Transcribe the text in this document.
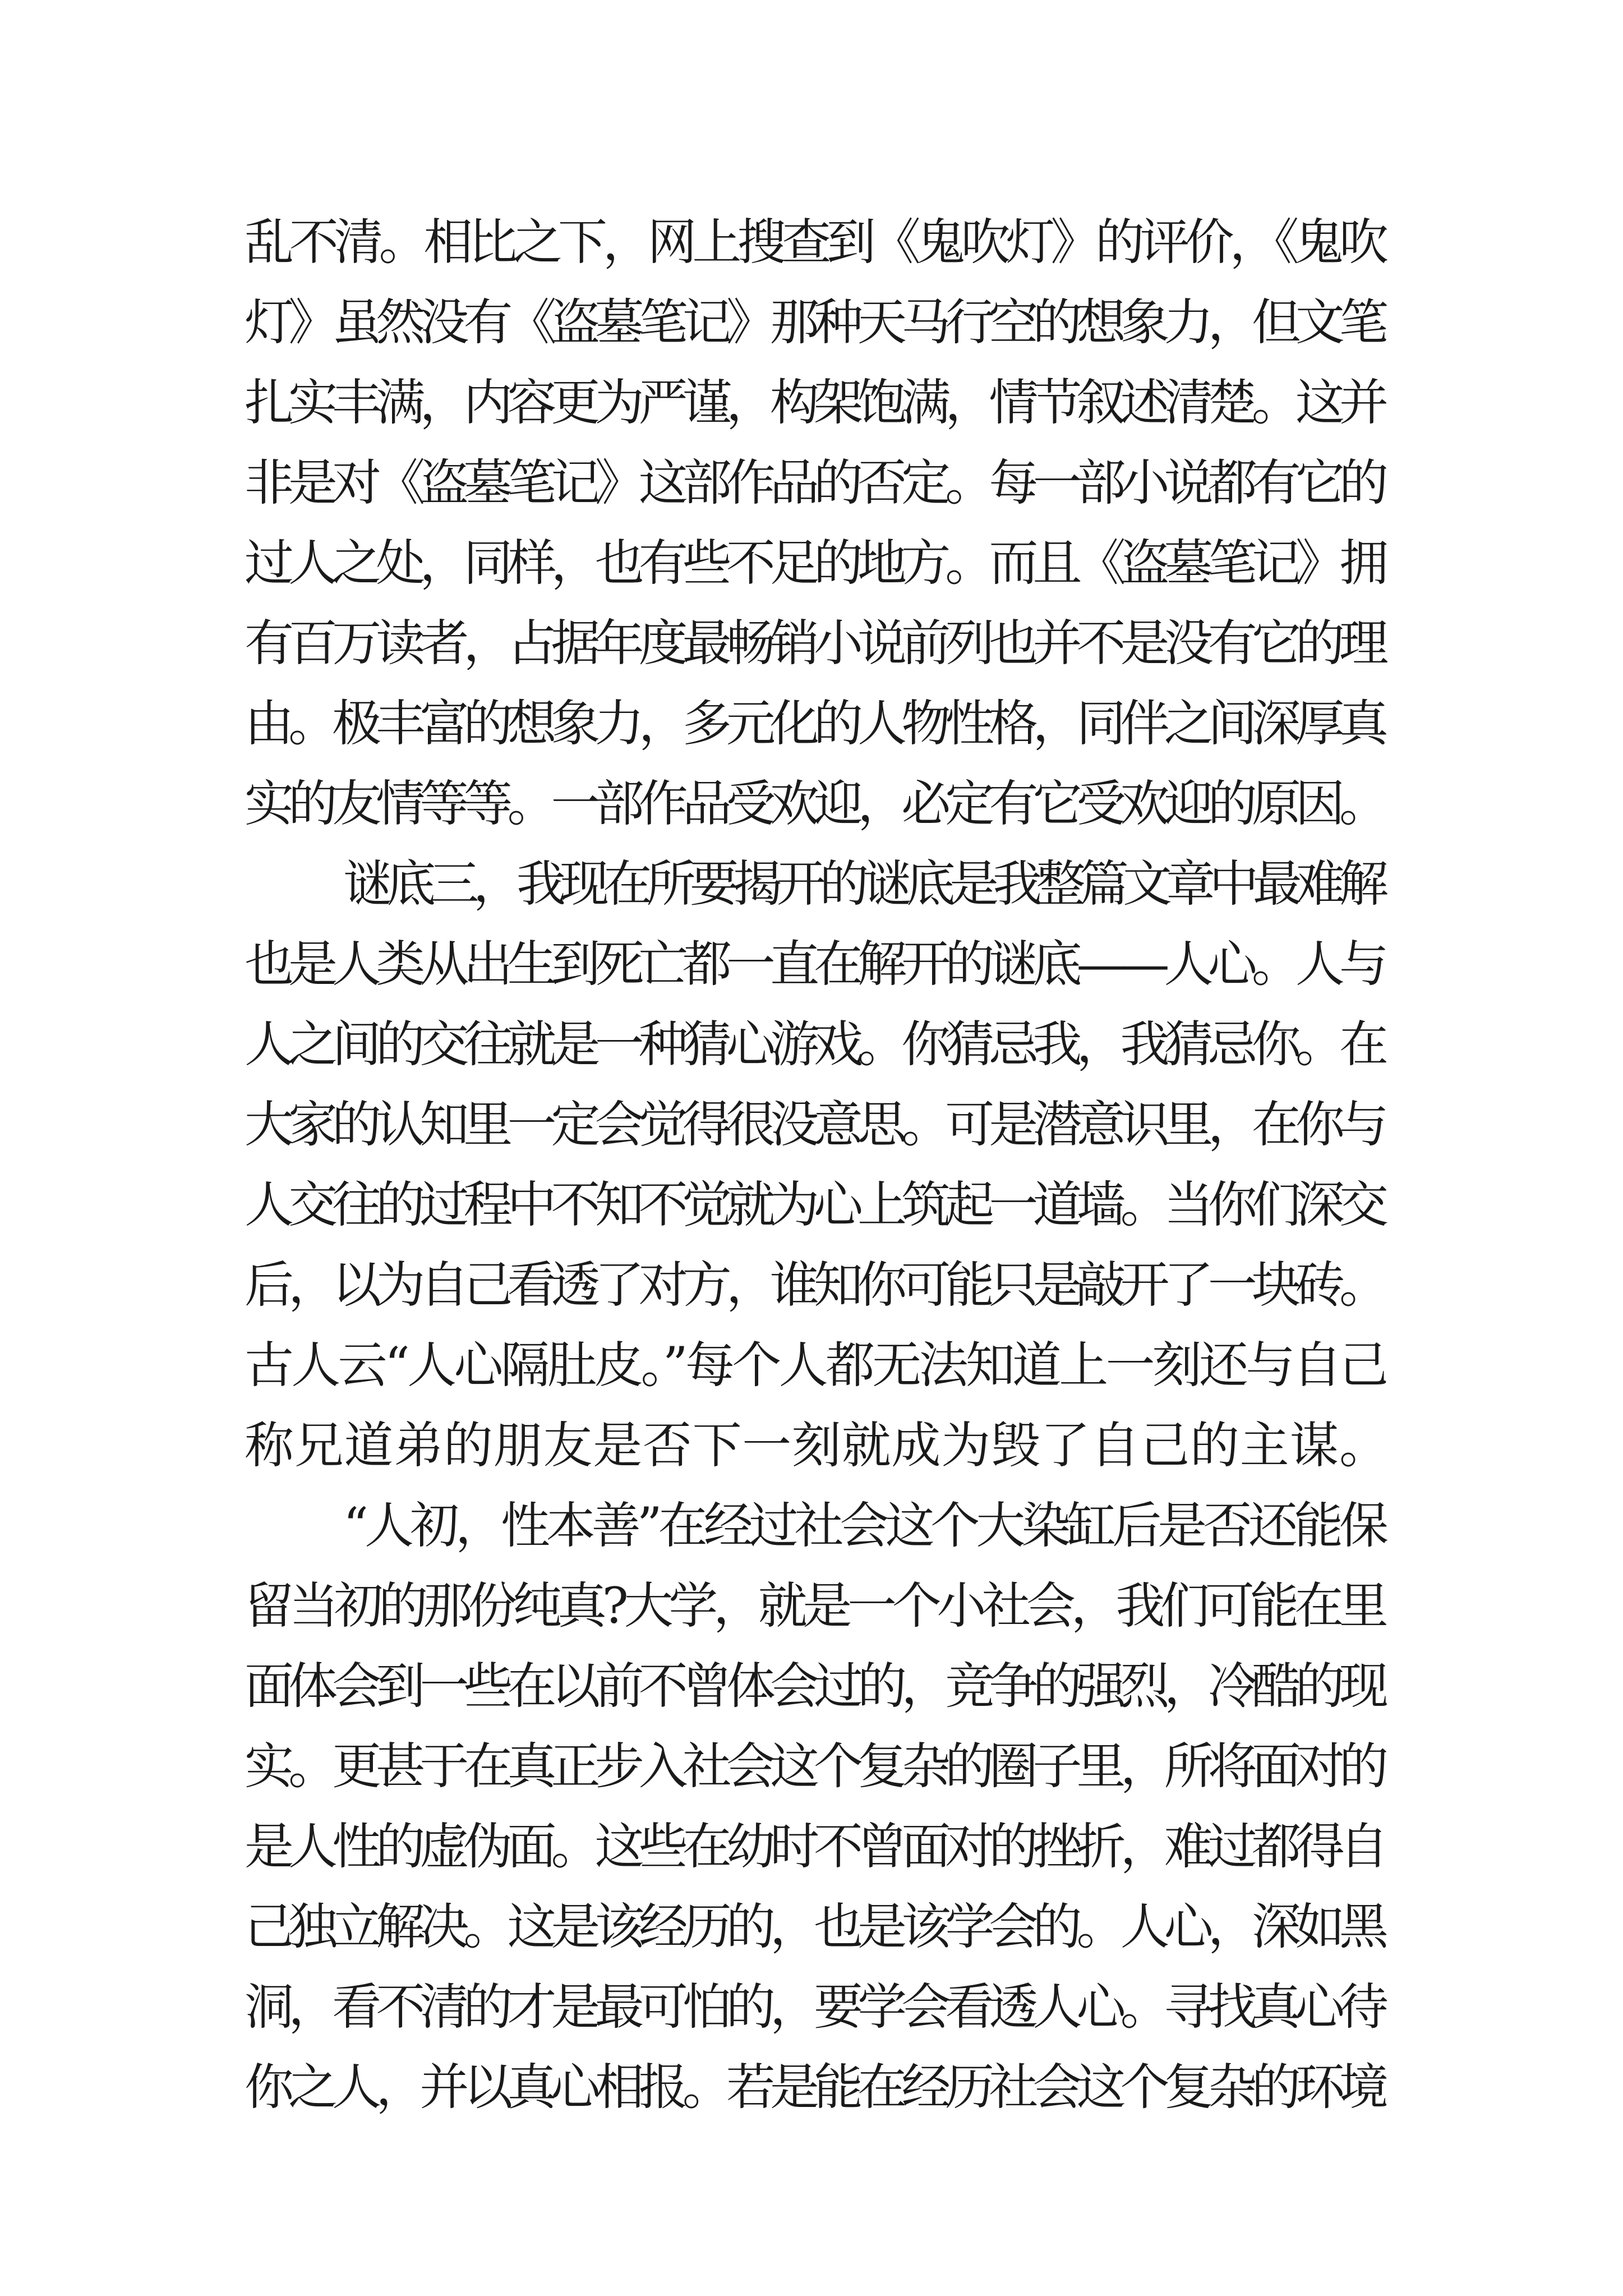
乱不清。相比之下，网上搜查到《鬼吹灯》的评价，《鬼吹
灯》虽然没有《盗墓笔记》那种天马行空的想象力，但文笔
扎实丰满，内容更为严谨，构架饱满，情节叙述清楚。这并
非是对《盗墓笔记》这部作品的否定。每一部小说都有它的
过人之处，同样，也有些不足的地方。而且《盗墓笔记》拥
有百万读者，占据年度最畅销小说前列也并不是没有它的理
由。极丰富的想象力，多元化的人物性格，同伴之间深厚真
实的友情等等。一部作品受欢迎，必定有它受欢迎的原因。
谜底三，我现在所要揭开的谜底是我整篇文章中最难解
也是人类从出生到死亡都一直在解开的谜底——人心。人与
人之间的交往就是一种猜心游戏。你猜忌我，我猜忌你。在
大家的认知里一定会觉得很没意思。可是潜意识里，在你与
人交往的过程中不知不觉就为心上筑起一道墙。当你们深交
后，以为自己看透了对方，谁知你可能只是敲开了一块砖。
古人云“人心隔肚皮。”每个人都无法知道上一刻还与自己
称兄道弟的朋友是否下一刻就成为毁了自己的主谋。
“人初，性本善”在经过社会这个大染缸后是否还能保
留当初的那份纯真?大学，就是一个小社会，我们可能在里
面体会到一些在以前不曾体会过的，竞争的强烈，冷酷的现
实。更甚于在真正步入社会这个复杂的圈子里，所将面对的
是人性的虚伪面。这些在幼时不曾面对的挫折，难过都得自
己独立解决。这是该经历的，也是该学会的。人心，深如黑
洞，看不清的才是最可怕的，要学会看透人心。寻找真心待
你之人，并以真心相报。若是能在经历社会这个复杂的环境
